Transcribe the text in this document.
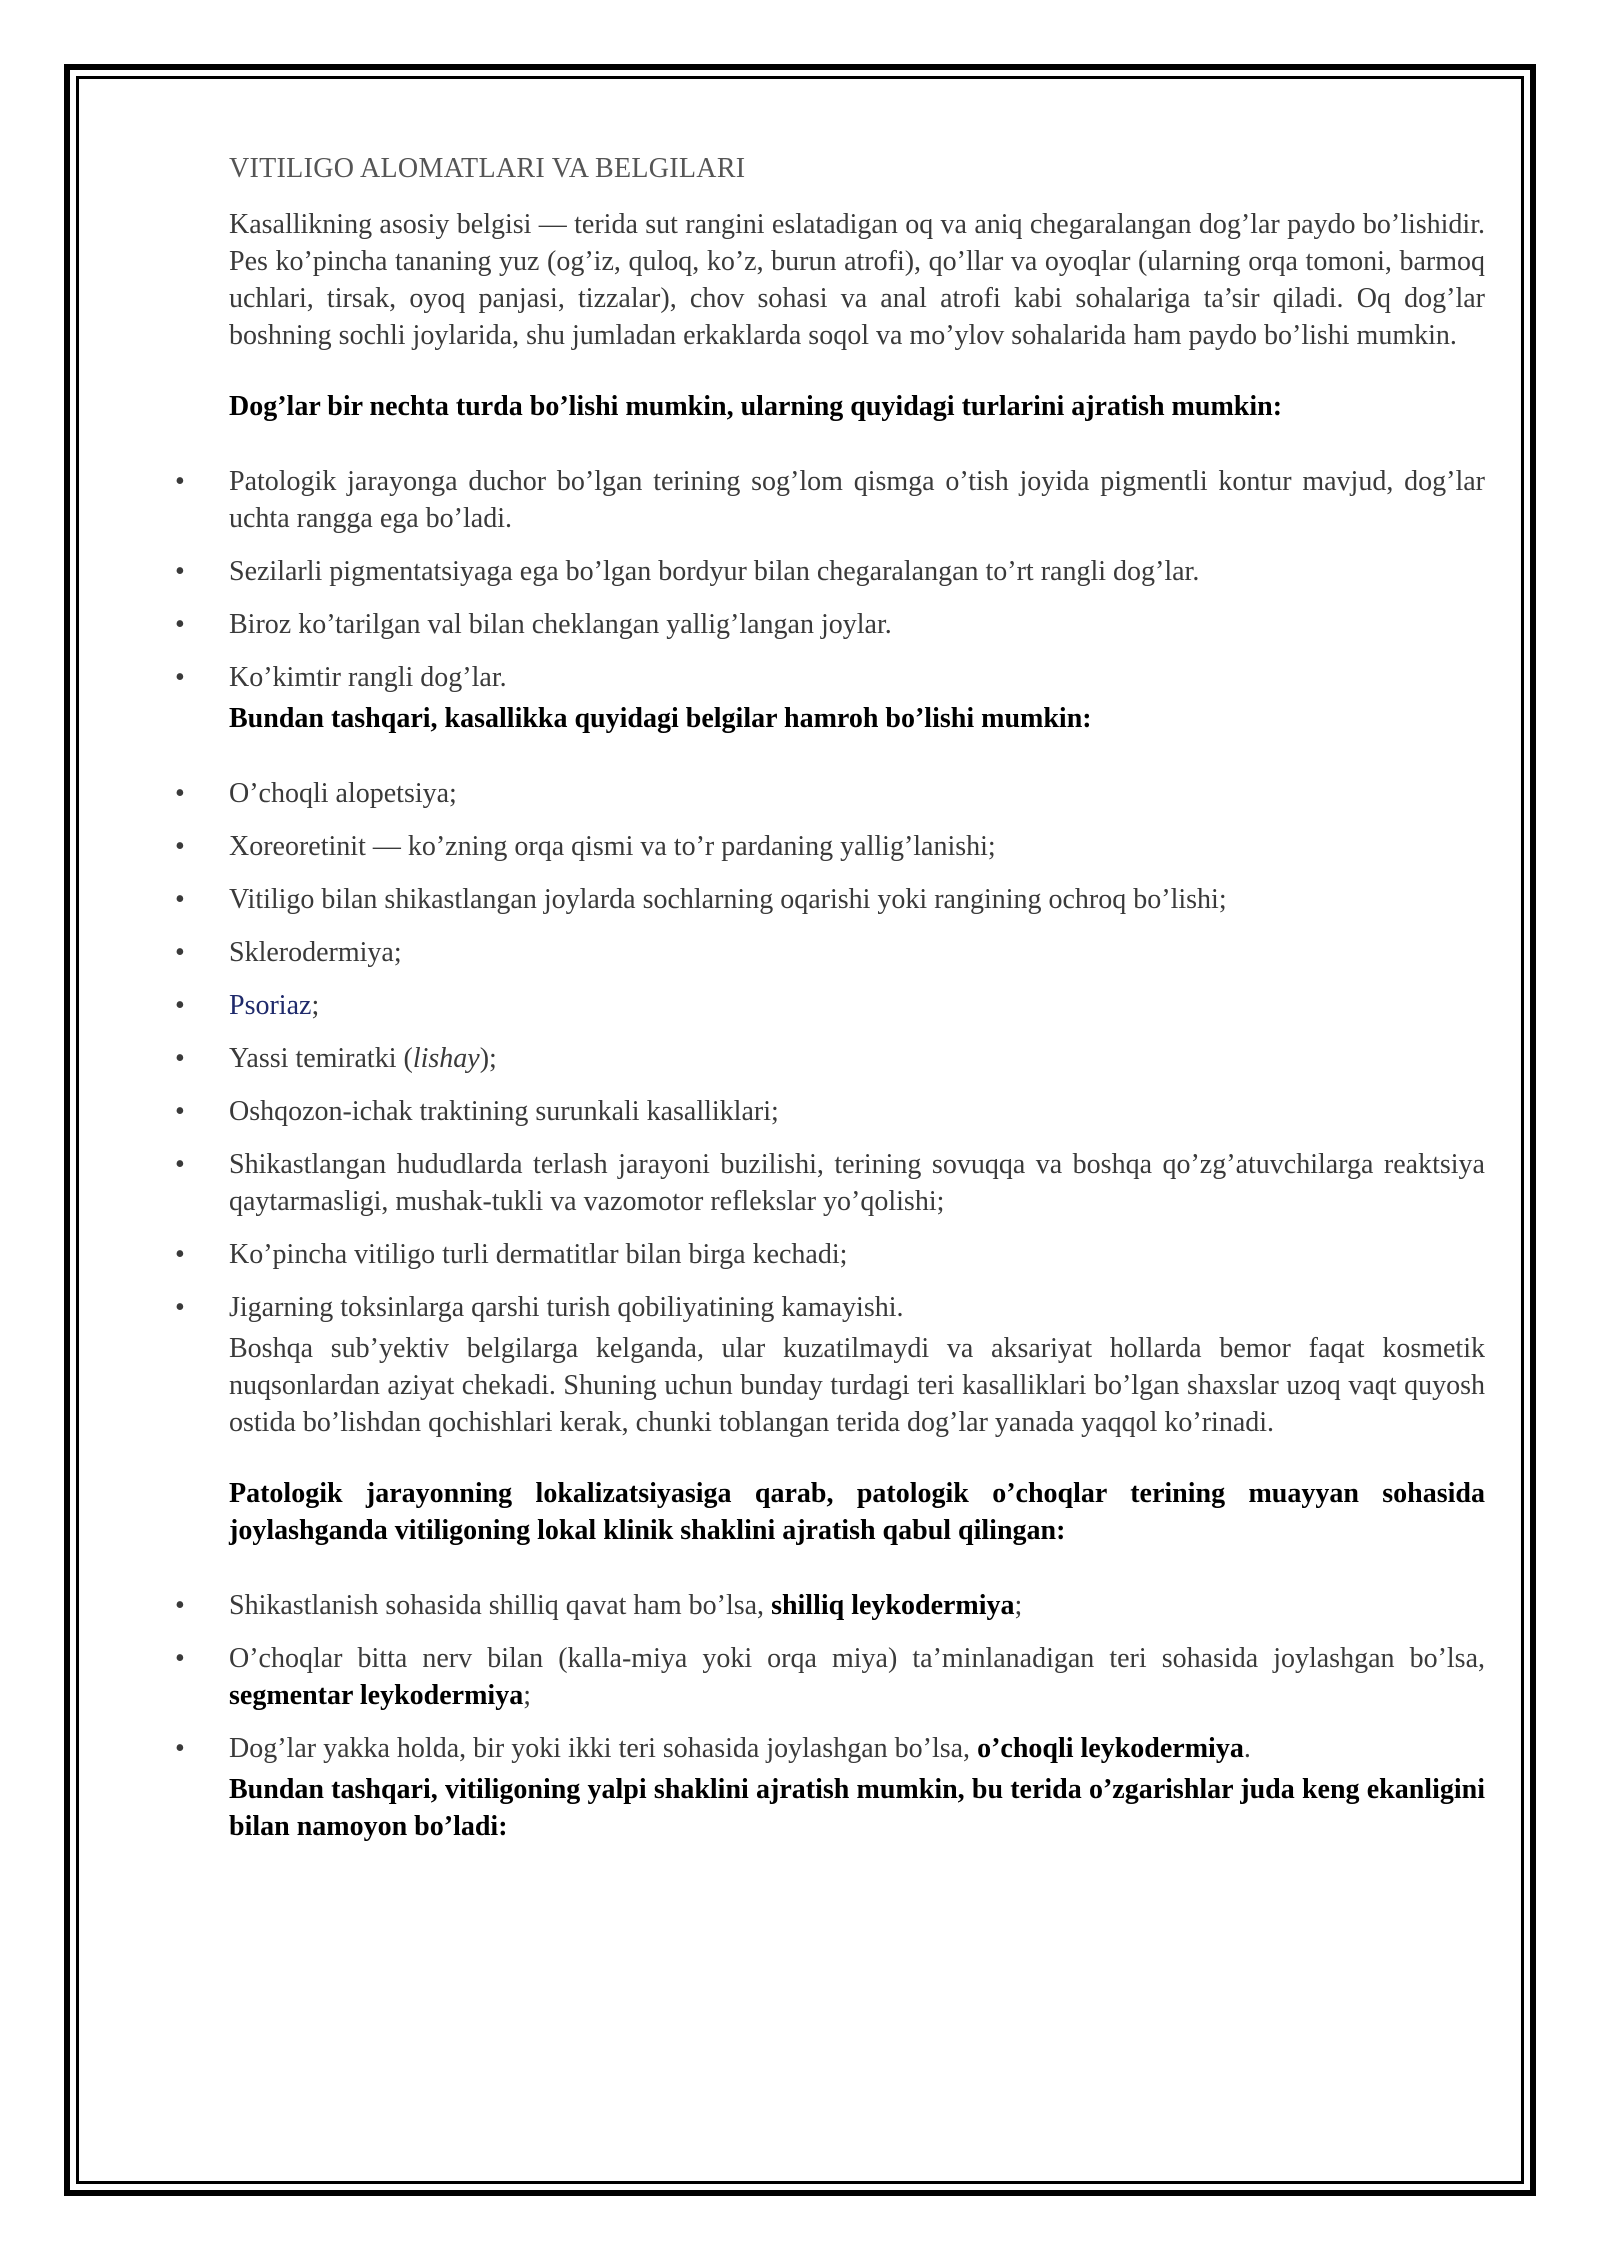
VITILIGO ALOMATLARI VA BELGILARI

Kasallikning asosiy belgisi — terida sut rangini eslatadigan oq va aniq chegaralangan dog’lar paydo bo’lishidir. Pes ko’pincha tananing yuz (og’iz, quloq, ko’z, burun atrofi), qo’llar va oyoqlar (ularning orqa tomoni, barmoq uchlari, tirsak, oyoq panjasi, tizzalar), chov sohasi va anal atrofi kabi sohalariga ta’sir qiladi. Oq dog’lar boshning sochli joylarida, shu jumladan erkaklarda soqol va mo’ylov sohalarida ham paydo bo’lishi mumkin.

Dog’lar bir nechta turda bo’lishi mumkin, ularning quyidagi turlarini ajratish mumkin:

• Patologik jarayonga duchor bo’lgan terining sog’lom qismga o’tish joyida pigmentli kontur mavjud, dog’lar uchta rangga ega bo’ladi.
• Sezilarli pigmentatsiyaga ega bo’lgan bordyur bilan chegaralangan to’rt rangli dog’lar.
• Biroz ko’tarilgan val bilan cheklangan yallig’langan joylar.
• Ko’kimtir rangli dog’lar.

Bundan tashqari, kasallikka quyidagi belgilar hamroh bo’lishi mumkin:

• O’choqli alopetsiya;
• Xoreoretinit — ko’zning orqa qismi va to’r pardaning yallig’lanishi;
• Vitiligo bilan shikastlangan joylarda sochlarning oqarishi yoki rangining ochroq bo’lishi;
• Sklerodermiya;
• Psoriaz;
• Yassi temiratki (lishay);
• Oshqozon-ichak traktining surunkali kasalliklari;
• Shikastlangan hududlarda terlash jarayoni buzilishi, terining sovuqqa va boshqa qo’zg’atuvchilarga reaktsiya qaytarmasligi, mushak-tukli va vazomotor reflekslar yo’qolishi;
• Ko’pincha vitiligo turli dermatitlar bilan birga kechadi;
• Jigarning toksinlarga qarshi turish qobiliyatining kamayishi.

Boshqa sub’yektiv belgilarga kelganda, ular kuzatilmaydi va aksariyat hollarda bemor faqat kosmetik nuqsonlardan aziyat chekadi. Shuning uchun bunday turdagi teri kasalliklari bo’lgan shaxslar uzoq vaqt quyosh ostida bo’lishdan qochishlari kerak, chunki toblangan terida dog’lar yanada yaqqol ko’rinadi.

Patologik jarayonning lokalizatsiyasiga qarab, patologik o’choqlar terining muayyan sohasida joylashganda vitiligoning lokal klinik shaklini ajratish qabul qilingan:

• Shikastlanish sohasida shilliq qavat ham bo’lsa, shilliq leykodermiya;
• O’choqlar bitta nerv bilan (kalla-miya yoki orqa miya) ta’minlanadigan teri sohasida joylashgan bo’lsa, segmentar leykodermiya;
• Dog’lar yakka holda, bir yoki ikki teri sohasida joylashgan bo’lsa, o’choqli leykodermiya.

Bundan tashqari, vitiligoning yalpi shaklini ajratish mumkin, bu terida o’zgarishlar juda keng ekanligini bilan namoyon bo’ladi:
